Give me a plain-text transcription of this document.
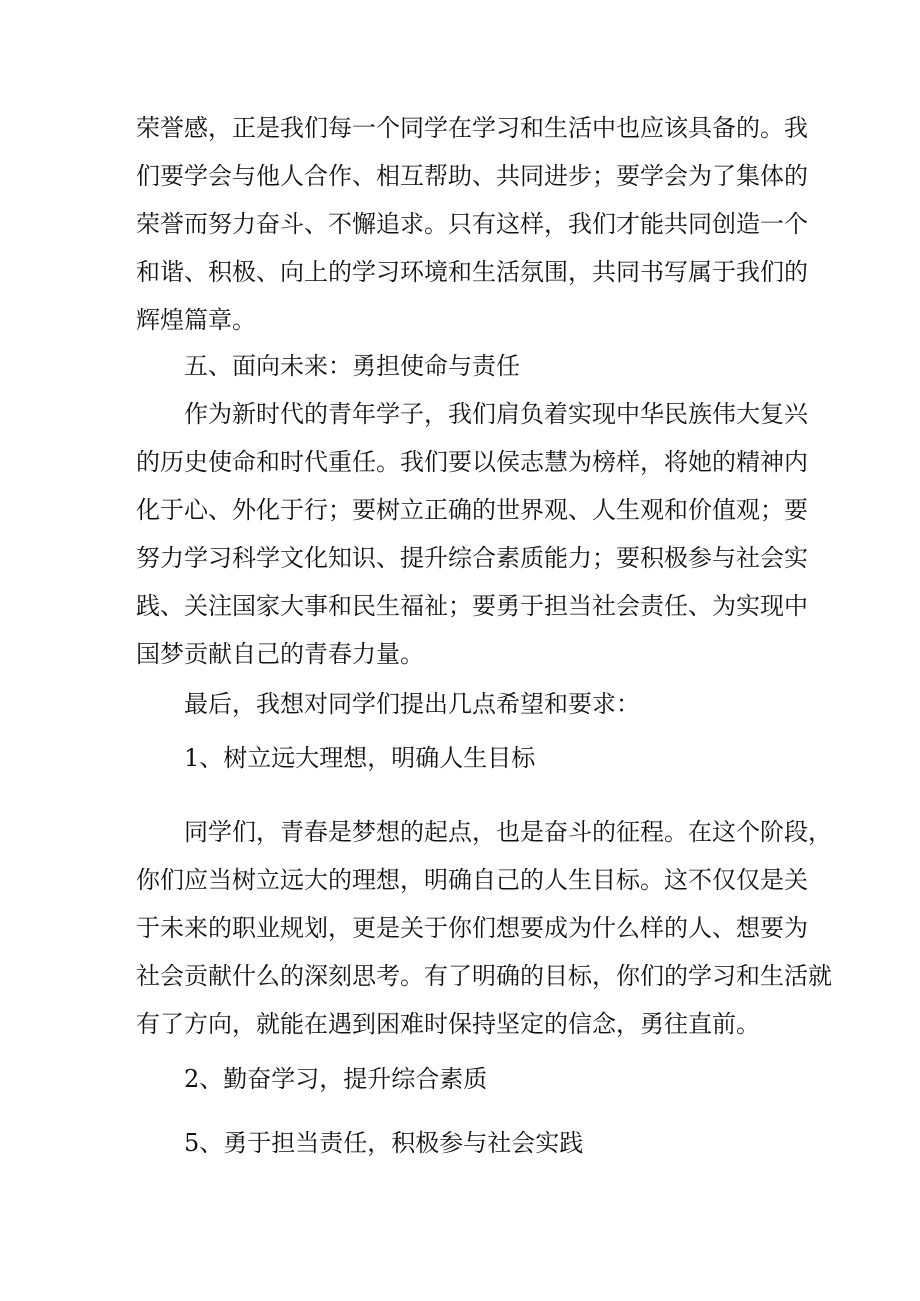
荣誉感，正是我们每一个同学在学习和生活中也应该具备的。我
们要学会与他人合作、相互帮助、共同进步；要学会为了集体的
荣誉而努力奋斗、不懈追求。只有这样，我们才能共同创造一个
和谐、积极、向上的学习环境和生活氛围，共同书写属于我们的
辉煌篇章。
五、面向未来：勇担使命与责任
作为新时代的青年学子，我们肩负着实现中华民族伟大复兴
的历史使命和时代重任。我们要以侯志慧为榜样，将她的精神内
化于心、外化于行；要树立正确的世界观、人生观和价值观；要
努力学习科学文化知识、提升综合素质能力；要积极参与社会实
践、关注国家大事和民生福祉；要勇于担当社会责任、为实现中
国梦贡献自己的青春力量。
最后，我想对同学们提出几点希望和要求：
1、树立远大理想，明确人生目标
同学们，青春是梦想的起点，也是奋斗的征程。在这个阶段，
你们应当树立远大的理想，明确自己的人生目标。这不仅仅是关
于未来的职业规划，更是关于你们想要成为什么样的人、想要为
社会贡献什么的深刻思考。有了明确的目标，你们的学习和生活就
有了方向，就能在遇到困难时保持坚定的信念，勇往直前。
2、勤奋学习，提升综合素质
5、勇于担当责任，积极参与社会实践
